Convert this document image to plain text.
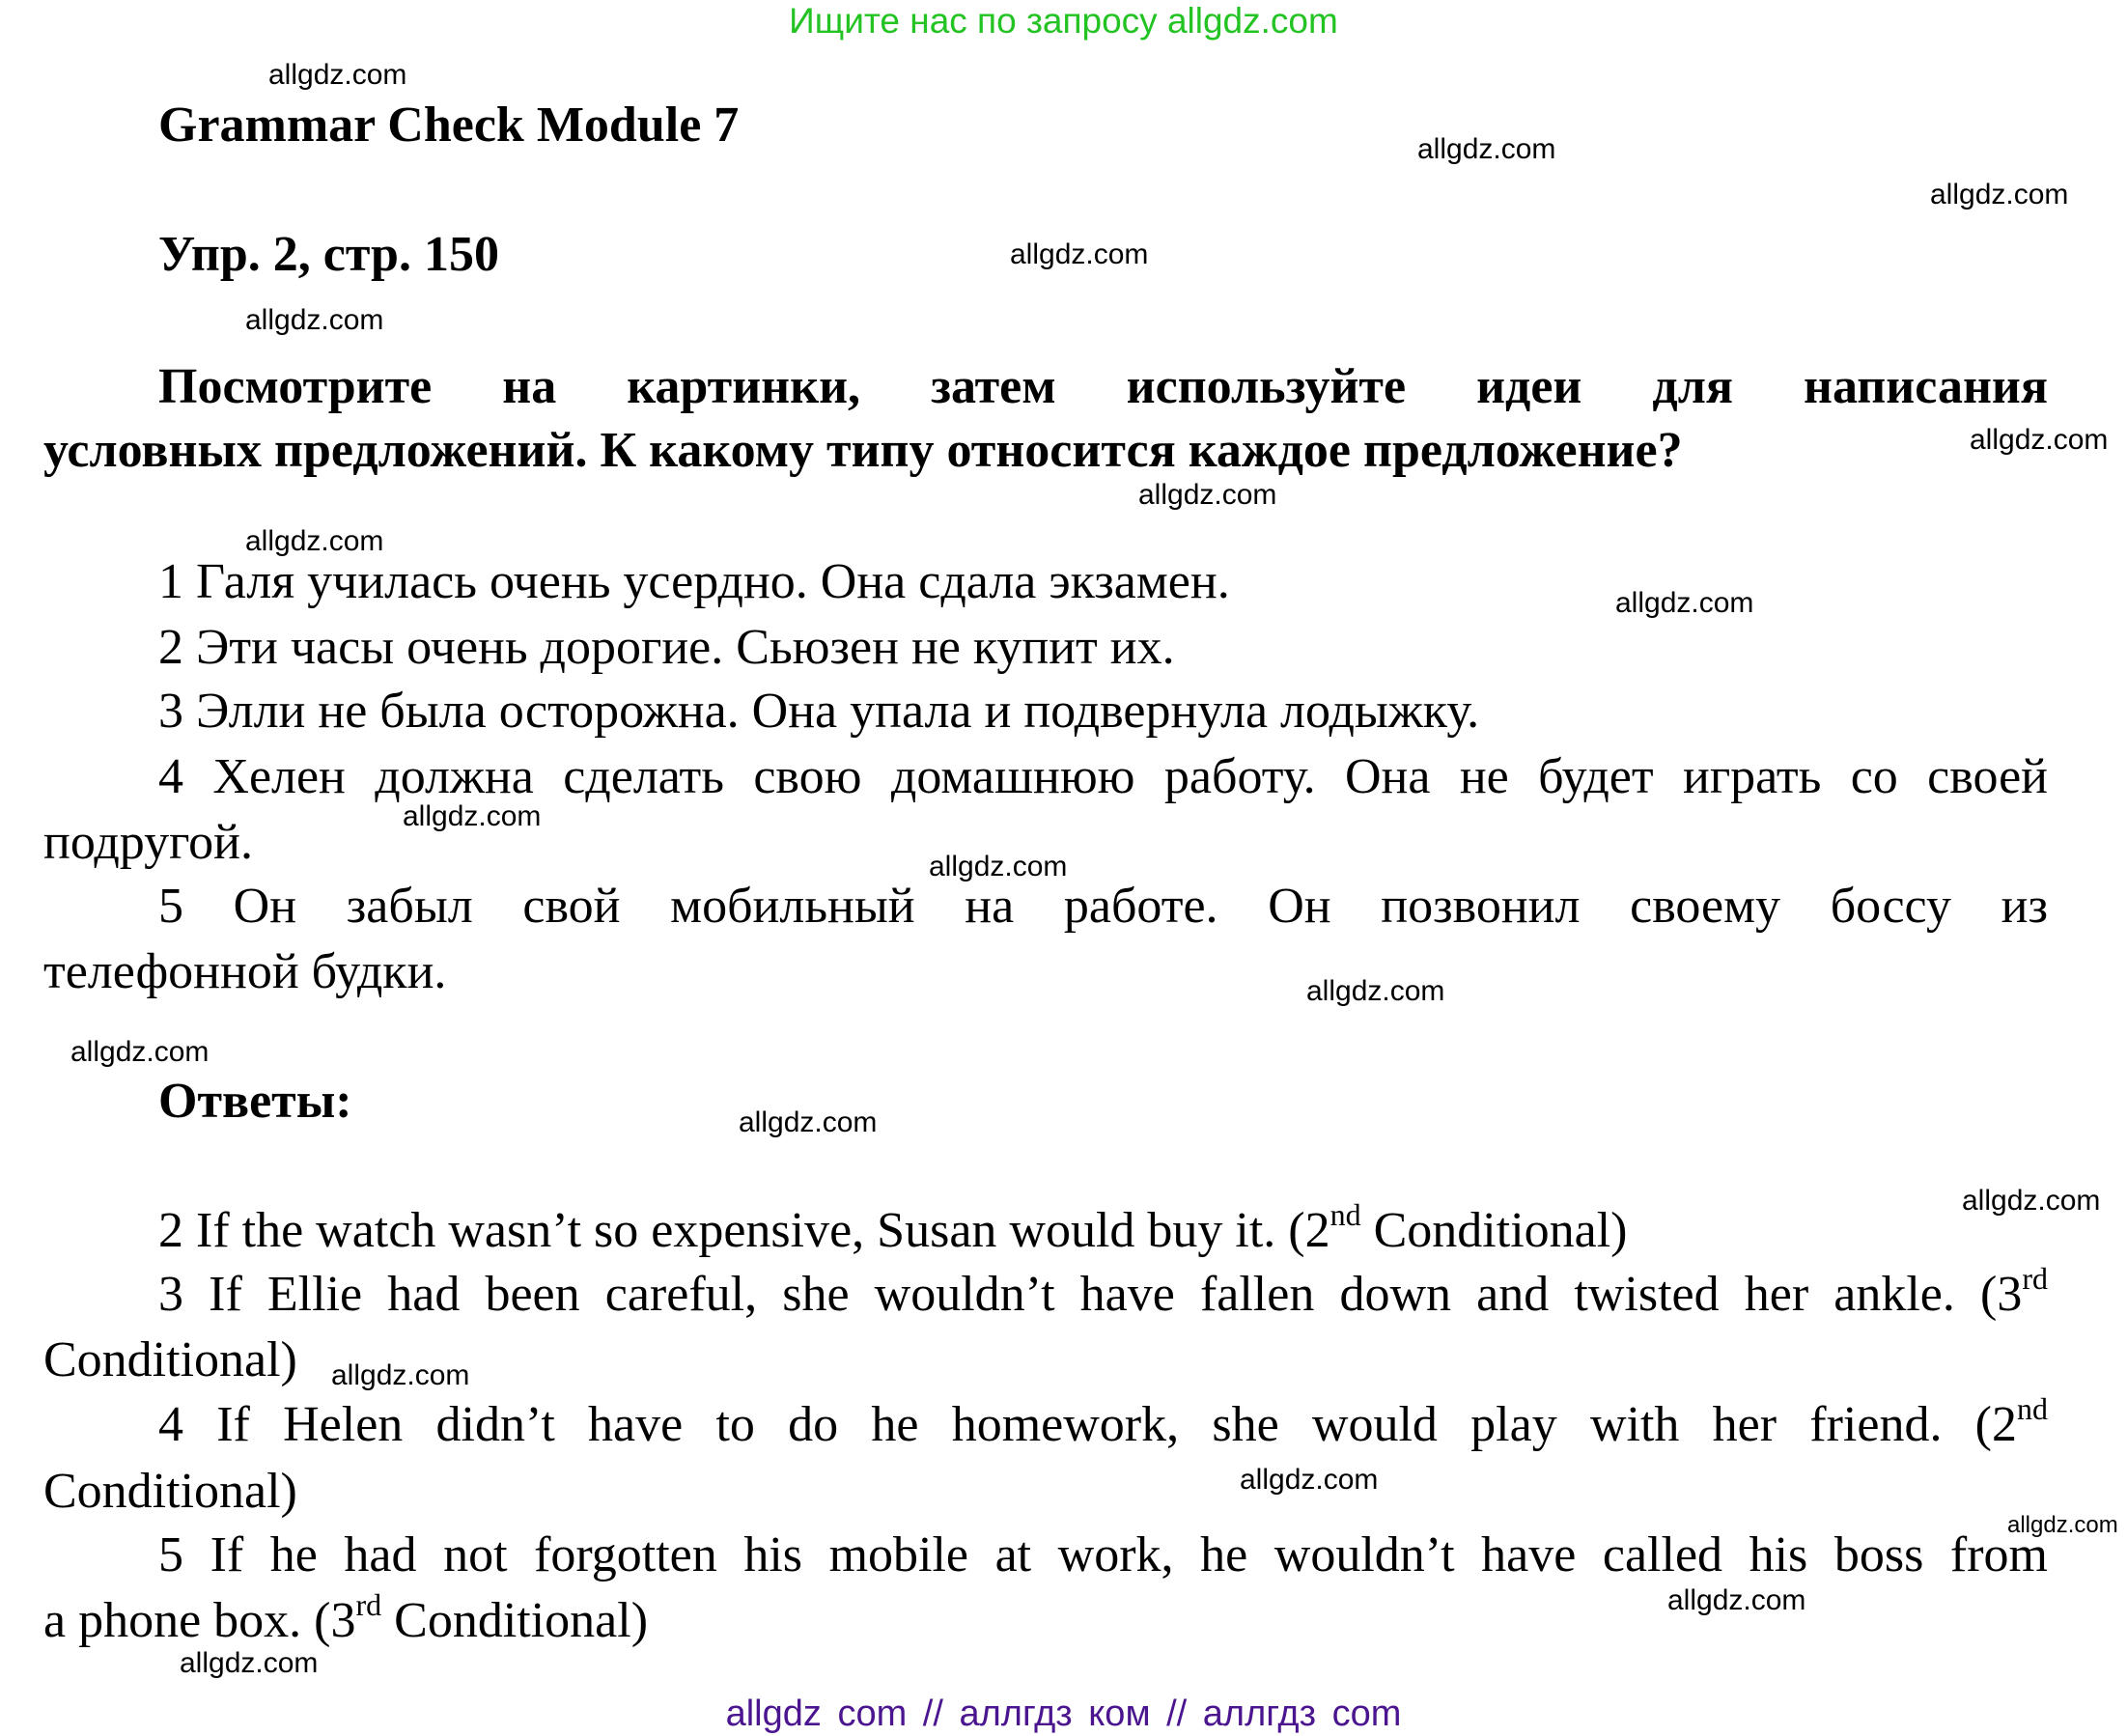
Ищите нас по запросу allgdz.com
Grammar Check Module 7
Упр. 2, стр. 150
Посмотрите на картинки, затем используйте идеи для написания
условных предложений. К какому типу относится каждое предложение?
1 Галя училась очень усердно. Она сдала экзамен.
2 Эти часы очень дорогие. Сьюзен не купит их.
3 Элли не была осторожна. Она упала и подвернула лодыжку.
4 Хелен должна сделать свою домашнюю работу. Она не будет играть со своей
подругой.
5 Он забыл свой мобильный на работе. Он позвонил своему боссу из
телефонной будки.
Ответы:
2 If the watch wasn’t so expensive, Susan would buy it. (2nd Conditional)
3 If Ellie had been careful, she wouldn’t have fallen down and twisted her ankle. (3rd
Conditional)
4 If Helen didn’t have to do he homework, she would play with her friend. (2nd
Conditional)
5 If he had not forgotten his mobile at work, he wouldn’t have called his boss from
a phone box. (3rd Conditional)
allgdz.com
allgdz.com
allgdz.com
allgdz.com
allgdz.com
allgdz.com
allgdz.com
allgdz.com
allgdz.com
allgdz.com
allgdz.com
allgdz.com
allgdz.com
allgdz.com
allgdz.com
allgdz.com
allgdz.com
allgdz.com
allgdz.com
allgdz.com
allgdz com // аллгдз ком // аллгдз com
